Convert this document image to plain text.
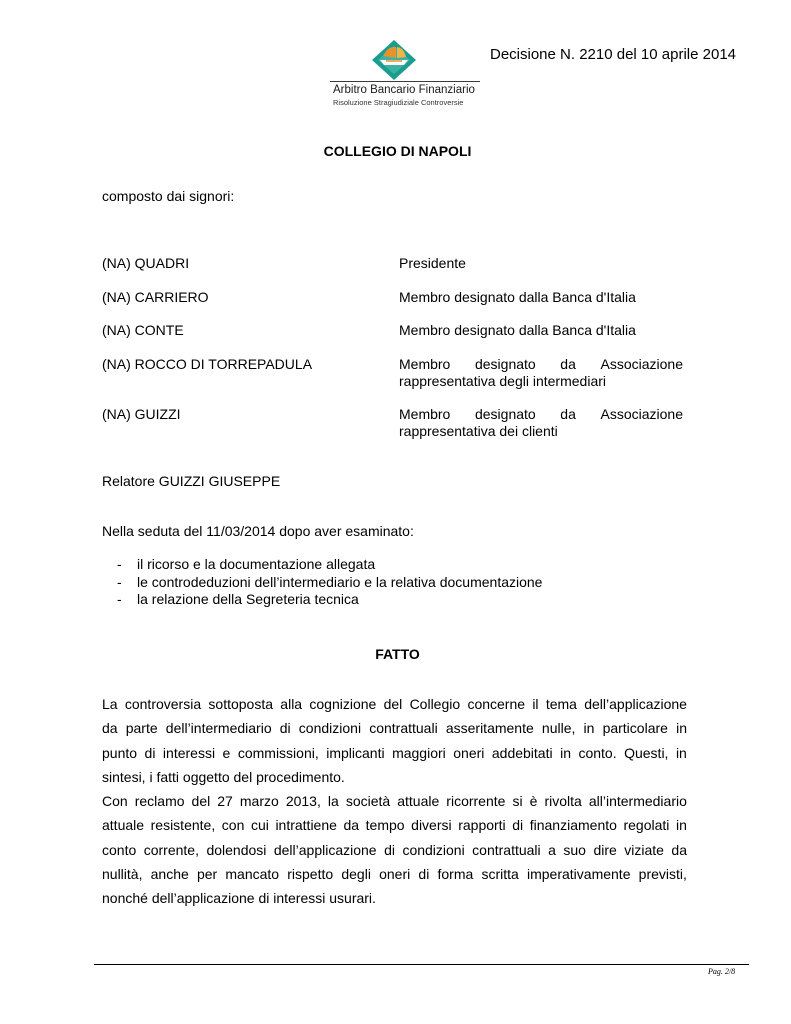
Arbitro Bancario Finanziario
Risoluzione Stragiudiziale Controversie
Decisione N. 2210 del 10 aprile 2014
COLLEGIO DI NAPOLI
composto dai signori:
(NA) QUADRI	Presidente
(NA) CARRIERO	Membro designato dalla Banca d'Italia
(NA) CONTE	Membro designato dalla Banca d'Italia
(NA) ROCCO DI TORREPADULA	Membro designato da Associazione
rappresentativa degli intermediari
(NA) GUIZZI	Membro designato da Associazione
rappresentativa dei clienti
Relatore GUIZZI GIUSEPPE
Nella seduta del 11/03/2014 dopo aver esaminato:
- il ricorso e la documentazione allegata
- le controdeduzioni dell’intermediario e la relativa documentazione
- la relazione della Segreteria tecnica
FATTO
La controversia sottoposta alla cognizione del Collegio concerne il tema dell’applicazione
da parte dell’intermediario di condizioni contrattuali asseritamente nulle, in particolare in
punto di interessi e commissioni, implicanti maggiori oneri addebitati in conto. Questi, in
sintesi, i fatti oggetto del procedimento.
Con reclamo del 27 marzo 2013, la società attuale ricorrente si è rivolta all’intermediario
attuale resistente, con cui intrattiene da tempo diversi rapporti di finanziamento regolati in
conto corrente, dolendosi dell’applicazione di condizioni contrattuali a suo dire viziate da
nullità, anche per mancato rispetto degli oneri di forma scritta imperativamente previsti,
nonché dell’applicazione di interessi usurari.
Pag. 2/8
